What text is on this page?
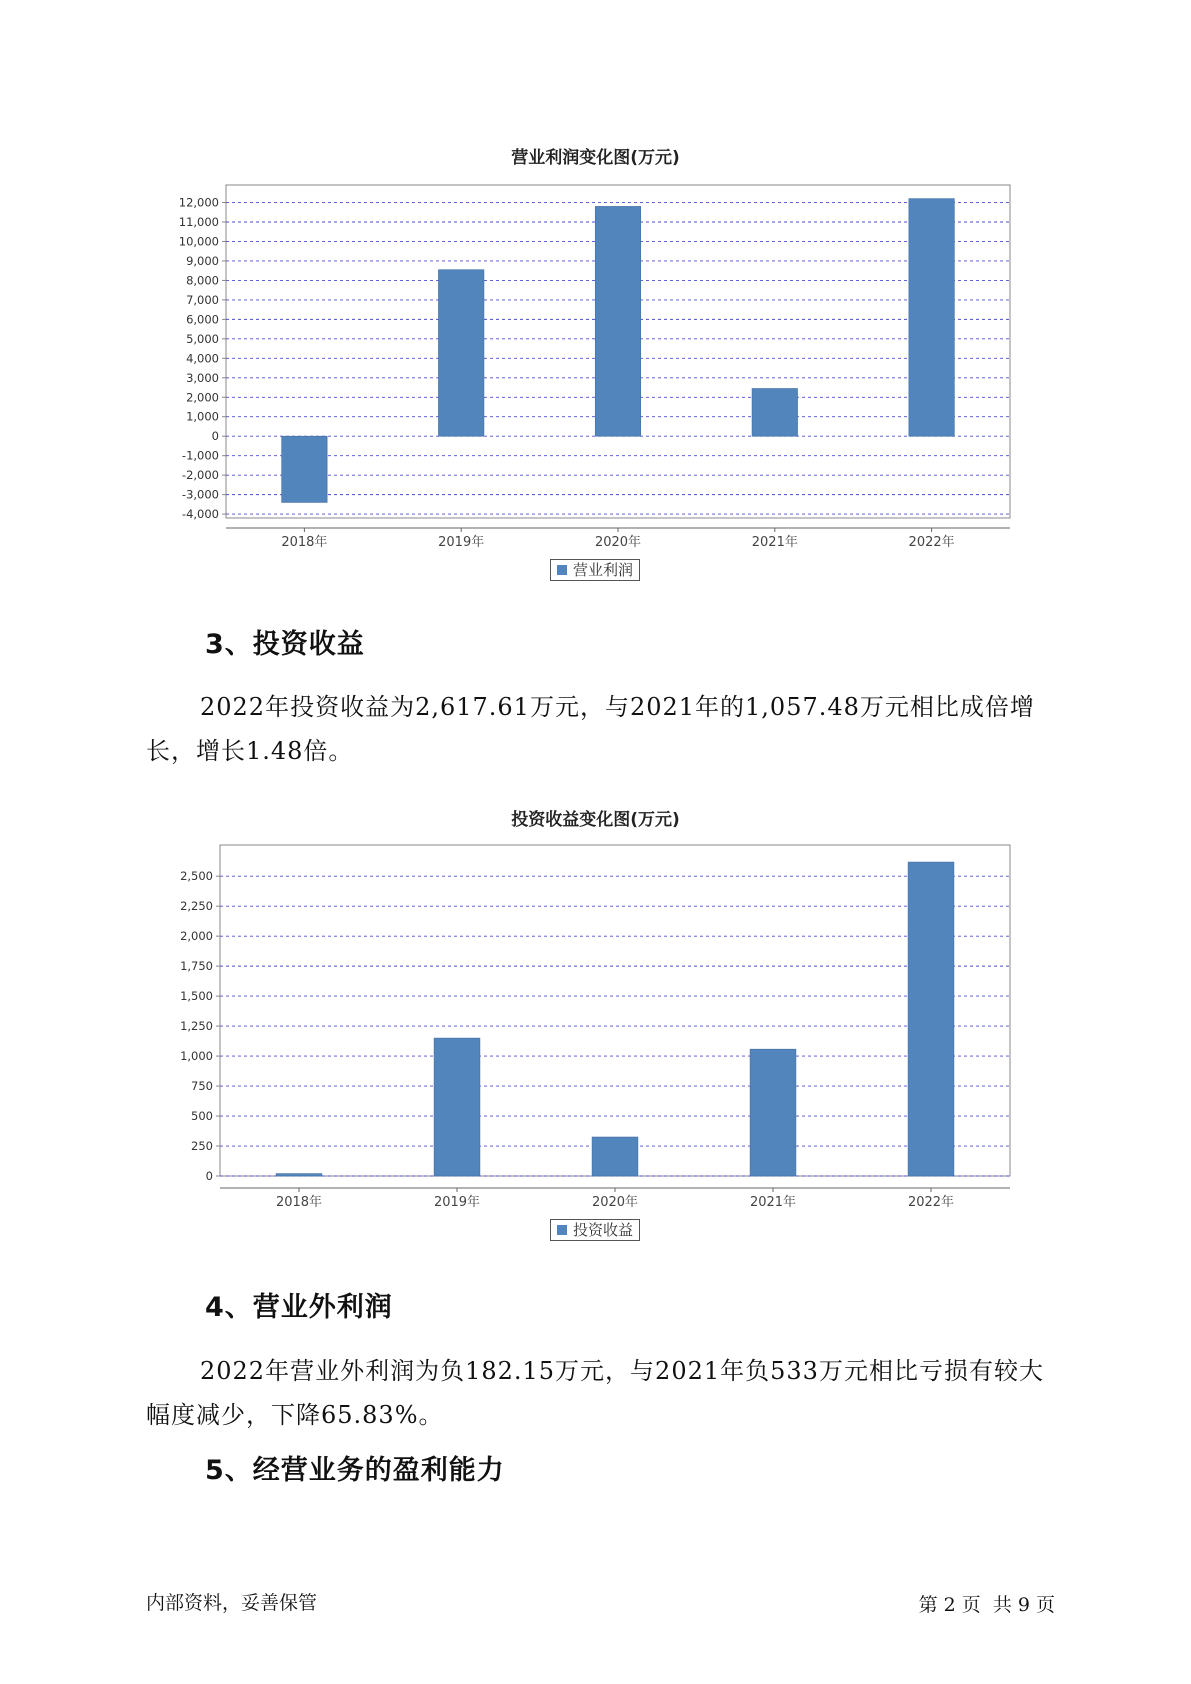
营业利润变化图(万元)
-4,000
-3,000
-2,000
-1,000
0
1,000
2,000
3,000
4,000
5,000
6,000
7,000
8,000
9,000
10,000
11,000
12,000
2018年	2019年	2020年	2021年	2022年
营业利润
3、投资收益
2022年投资收益为2,617.61万元，与2021年的1,057.48万元相比成倍增长，增长1.48倍。
投资收益变化图(万元)
0
250
500
750
1,000
1,250
1,500
1,750
2,000
2,250
2,500
2018年	2019年	2020年	2021年	2022年
投资收益
4、营业外利润
2022年营业外利润为负182.15万元，与2021年负533万元相比亏损有较大幅度减少，下降65.83%。
5、经营业务的盈利能力
内部资料，妥善保管	第 2 页  共 9 页
